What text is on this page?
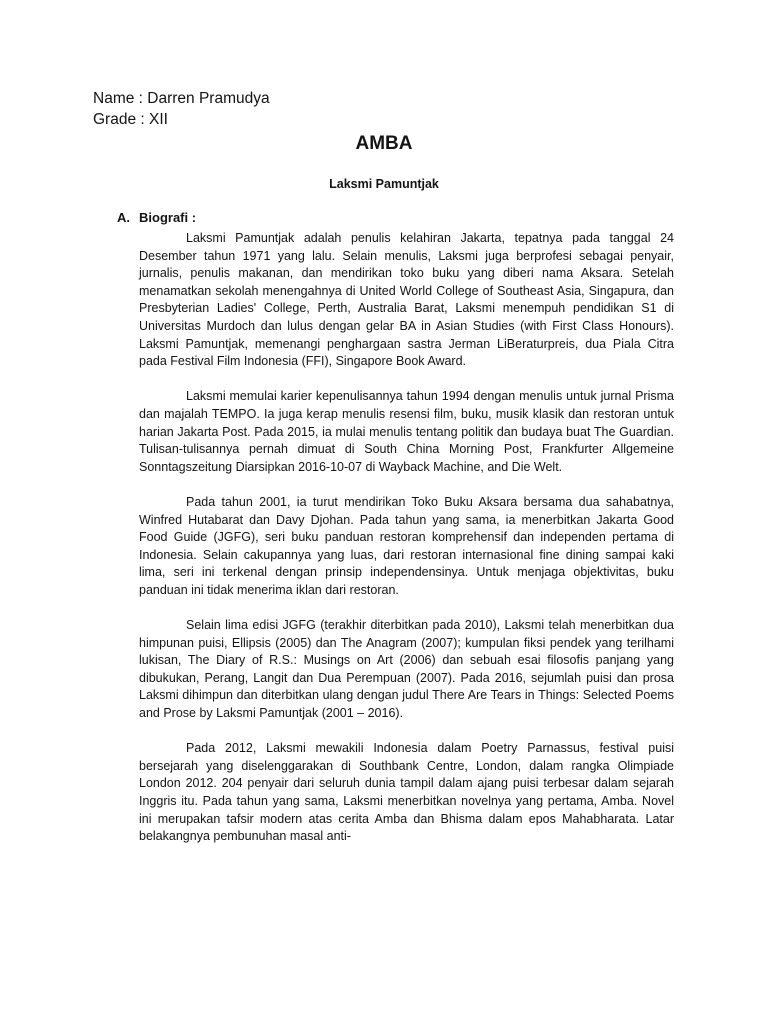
Name : Darren Pramudya
Grade : XII
AMBA
Laksmi Pamuntjak
A. Biografi :

Laksmi Pamuntjak adalah penulis kelahiran Jakarta, tepatnya pada tanggal 24 Desember tahun 1971 yang lalu. Selain menulis, Laksmi juga berprofesi sebagai penyair, jurnalis, penulis makanan, dan mendirikan toko buku yang diberi nama Aksara. Setelah menamatkan sekolah menengahnya di United World College of Southeast Asia, Singapura, dan Presbyterian Ladies' College, Perth, Australia Barat, Laksmi menempuh pendidikan S1 di Universitas Murdoch dan lulus dengan gelar BA in Asian Studies (with First Class Honours). Laksmi Pamuntjak, memenangi penghargaan sastra Jerman LiBeraturpreis, dua Piala Citra pada Festival Film Indonesia (FFI), Singapore Book Award.

Laksmi memulai karier kepenulisannya tahun 1994 dengan menulis untuk jurnal Prisma dan majalah TEMPO. Ia juga kerap menulis resensi film, buku, musik klasik dan restoran untuk harian Jakarta Post. Pada 2015, ia mulai menulis tentang politik dan budaya buat The Guardian. Tulisan-tulisannya pernah dimuat di South China Morning Post, Frankfurter Allgemeine Sonntagszeitung Diarsipkan 2016-10-07 di Wayback Machine, and Die Welt.

Pada tahun 2001, ia turut mendirikan Toko Buku Aksara bersama dua sahabatnya, Winfred Hutabarat dan Davy Djohan. Pada tahun yang sama, ia menerbitkan Jakarta Good Food Guide (JGFG), seri buku panduan restoran komprehensif dan independen pertama di Indonesia. Selain cakupannya yang luas, dari restoran internasional fine dining sampai kaki lima, seri ini terkenal dengan prinsip independensinya. Untuk menjaga objektivitas, buku panduan ini tidak menerima iklan dari restoran.

Selain lima edisi JGFG (terakhir diterbitkan pada 2010), Laksmi telah menerbitkan dua himpunan puisi, Ellipsis (2005) dan The Anagram (2007); kumpulan fiksi pendek yang terilhami lukisan, The Diary of R.S.: Musings on Art (2006) dan sebuah esai filosofis panjang yang dibukukan, Perang, Langit dan Dua Perempuan (2007). Pada 2016, sejumlah puisi dan prosa Laksmi dihimpun dan diterbitkan ulang dengan judul There Are Tears in Things: Selected Poems and Prose by Laksmi Pamuntjak (2001 – 2016).

Pada 2012, Laksmi mewakili Indonesia dalam Poetry Parnassus, festival puisi bersejarah yang diselenggarakan di Southbank Centre, London, dalam rangka Olimpiade London 2012. 204 penyair dari seluruh dunia tampil dalam ajang puisi terbesar dalam sejarah Inggris itu. Pada tahun yang sama, Laksmi menerbitkan novelnya yang pertama, Amba. Novel ini merupakan tafsir modern atas cerita Amba dan Bhisma dalam epos Mahabharata. Latar belakangnya pembunuhan masal anti-
